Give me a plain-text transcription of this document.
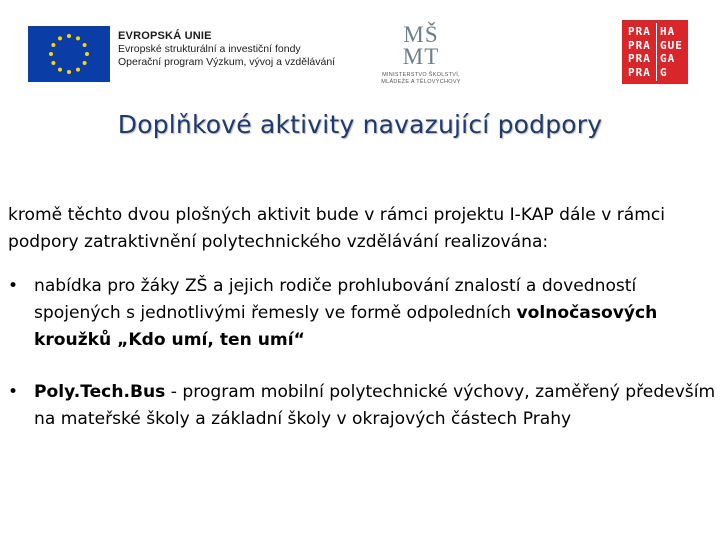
EVROPSKÁ UNIE
Evropské strukturální a investiční fondy
Operační program Výzkum, vývoj a vzdělávání
MŠ
MT
MINISTERSTVO ŠKOLSTVÍ,
MLÁDEŽE A TĚLOVÝCHOVY
PRA
PRA
PRA
PRA
HA
GUE
GA
G
Doplňkové aktivity navazující podpory

kromě těchto dvou plošných aktivit bude v rámci projektu I-KAP dále v rámci podpory zatraktivnění polytechnického vzdělávání realizována:

• nabídka pro žáky ZŠ a jejich rodiče prohlubování znalostí a dovedností spojených s jednotlivými řemesly ve formě odpoledních volnočasových kroužků „Kdo umí, ten umí“
• Poly.Tech.Bus - program mobilní polytechnické výchovy, zaměřený především na mateřské školy a základní školy v okrajových částech Prahy
